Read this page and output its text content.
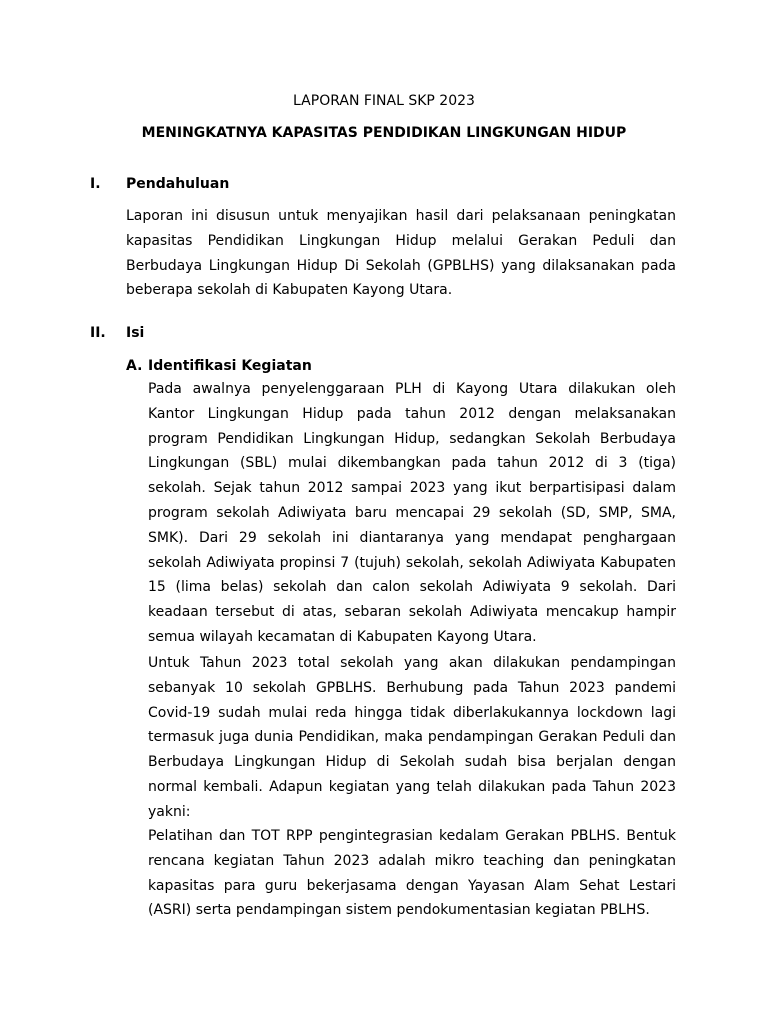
LAPORAN FINAL SKP 2023
MENINGKATNYA KAPASITAS PENDIDIKAN LINGKUNGAN HIDUP
I. Pendahuluan

Laporan ini disusun untuk menyajikan hasil dari pelaksanaan peningkatan kapasitas Pendidikan Lingkungan Hidup melalui Gerakan Peduli dan Berbudaya Lingkungan Hidup Di Sekolah (GPBLHS) yang dilaksanakan pada beberapa sekolah di Kabupaten Kayong Utara.

II. Isi
A. Identifikasi Kegiatan

Pada awalnya penyelenggaraan PLH di Kayong Utara dilakukan oleh Kantor Lingkungan Hidup pada tahun 2012 dengan melaksanakan program Pendidikan Lingkungan Hidup, sedangkan Sekolah Berbudaya Lingkungan (SBL) mulai dikembangkan pada tahun 2012 di 3 (tiga) sekolah. Sejak tahun 2012 sampai 2023 yang ikut berpartisipasi dalam program sekolah Adiwiyata baru mencapai 29 sekolah (SD, SMP, SMA, SMK). Dari 29 sekolah ini diantaranya yang mendapat penghargaan sekolah Adiwiyata propinsi 7 (tujuh) sekolah, sekolah Adiwiyata Kabupaten 15 (lima belas) sekolah dan calon sekolah Adiwiyata 9 sekolah. Dari keadaan tersebut di atas, sebaran sekolah Adiwiyata mencakup hampir semua wilayah kecamatan di Kabupaten Kayong Utara.

Untuk Tahun 2023 total sekolah yang akan dilakukan pendampingan sebanyak 10 sekolah GPBLHS. Berhubung pada Tahun 2023 pandemi Covid-19 sudah mulai reda hingga tidak diberlakukannya lockdown lagi termasuk juga dunia Pendidikan, maka pendampingan Gerakan Peduli dan Berbudaya Lingkungan Hidup di Sekolah sudah bisa berjalan dengan normal kembali. Adapun kegiatan yang telah dilakukan pada Tahun 2023 yakni:

Pelatihan dan TOT RPP pengintegrasian kedalam Gerakan PBLHS. Bentuk rencana kegiatan Tahun 2023 adalah mikro teaching dan peningkatan kapasitas para guru bekerjasama dengan Yayasan Alam Sehat Lestari (ASRI) serta pendampingan sistem pendokumentasian kegiatan PBLHS.
